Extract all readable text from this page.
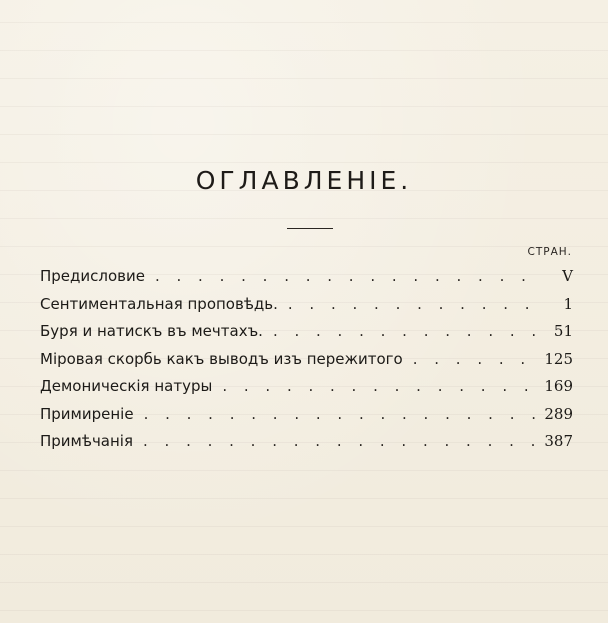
ОГЛАВЛЕНІЕ.
СТРАН.
Предисловие . . .	V
Сентиментальная проповѣдь. . . .	1
Буря и натискъ въ мечтахъ. . . .	51
Мiровая скорбь какъ выводъ изъ пережитого . . .	125
Демоническiя натуры . . .	169
Примиренiе . . .	289
Примѣчанiя . . .	387
